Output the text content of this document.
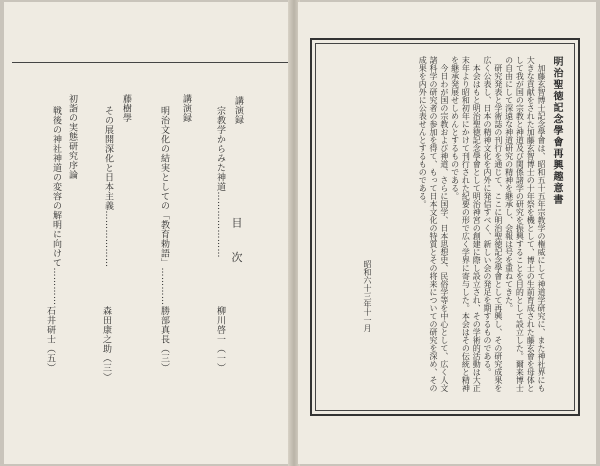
講演録
宗教学からみた神道…………………
柳川啓一（一）
講演録
明治文化の結実としての「教育勅語」…………
勝部真長（三）
目 次
藤樹學
その展開深化と日本主義………………
森田康之助（三）
初詣の実態研究序論
戦後の神社神道の変容の解明に向けて…………
石井研士（五）
明治聖徳記念學會再興趣意書

加藤玄智博士記念學會は、昭和五十五年宗教学の権威にして神道学研究に、また神社界にも大きな貢献をされた加藤玄智博士の十年祭を機として、博士の生前育成された藤玄會を母体として我が国の宗教と神道及び関係諸学の研究を振興することを目的として設立した。爾来博士の自由にして深遠な神道研究の精神を継承し、会報は号を重ねてきた。

研究発表と学術誌の刊行を通じて、ここに明治聖徳記念學會として再興し、その研究成果を広く公表し、日本の精神文化を内外に発信すべく、新しい会の発足を期するものである。

本会はもと明治聖徳記念學會として明治神宮の創建に際し設立され、その学術的活動は大正末年より昭和初年にかけて刊行された紀要の形で広く学界に寄与した。本会はその伝統と精神を継承発展せしめんとするものである。

今日わが国の宗教および神道、さらに国学、日本思想史、民俗学等を中心として、広く人文諸科学の研究者の参加を得て、もって日本文化の特質とその将来についての研究を深め、その成果を内外に公表せんとするものである。

昭和六十三年十一月
